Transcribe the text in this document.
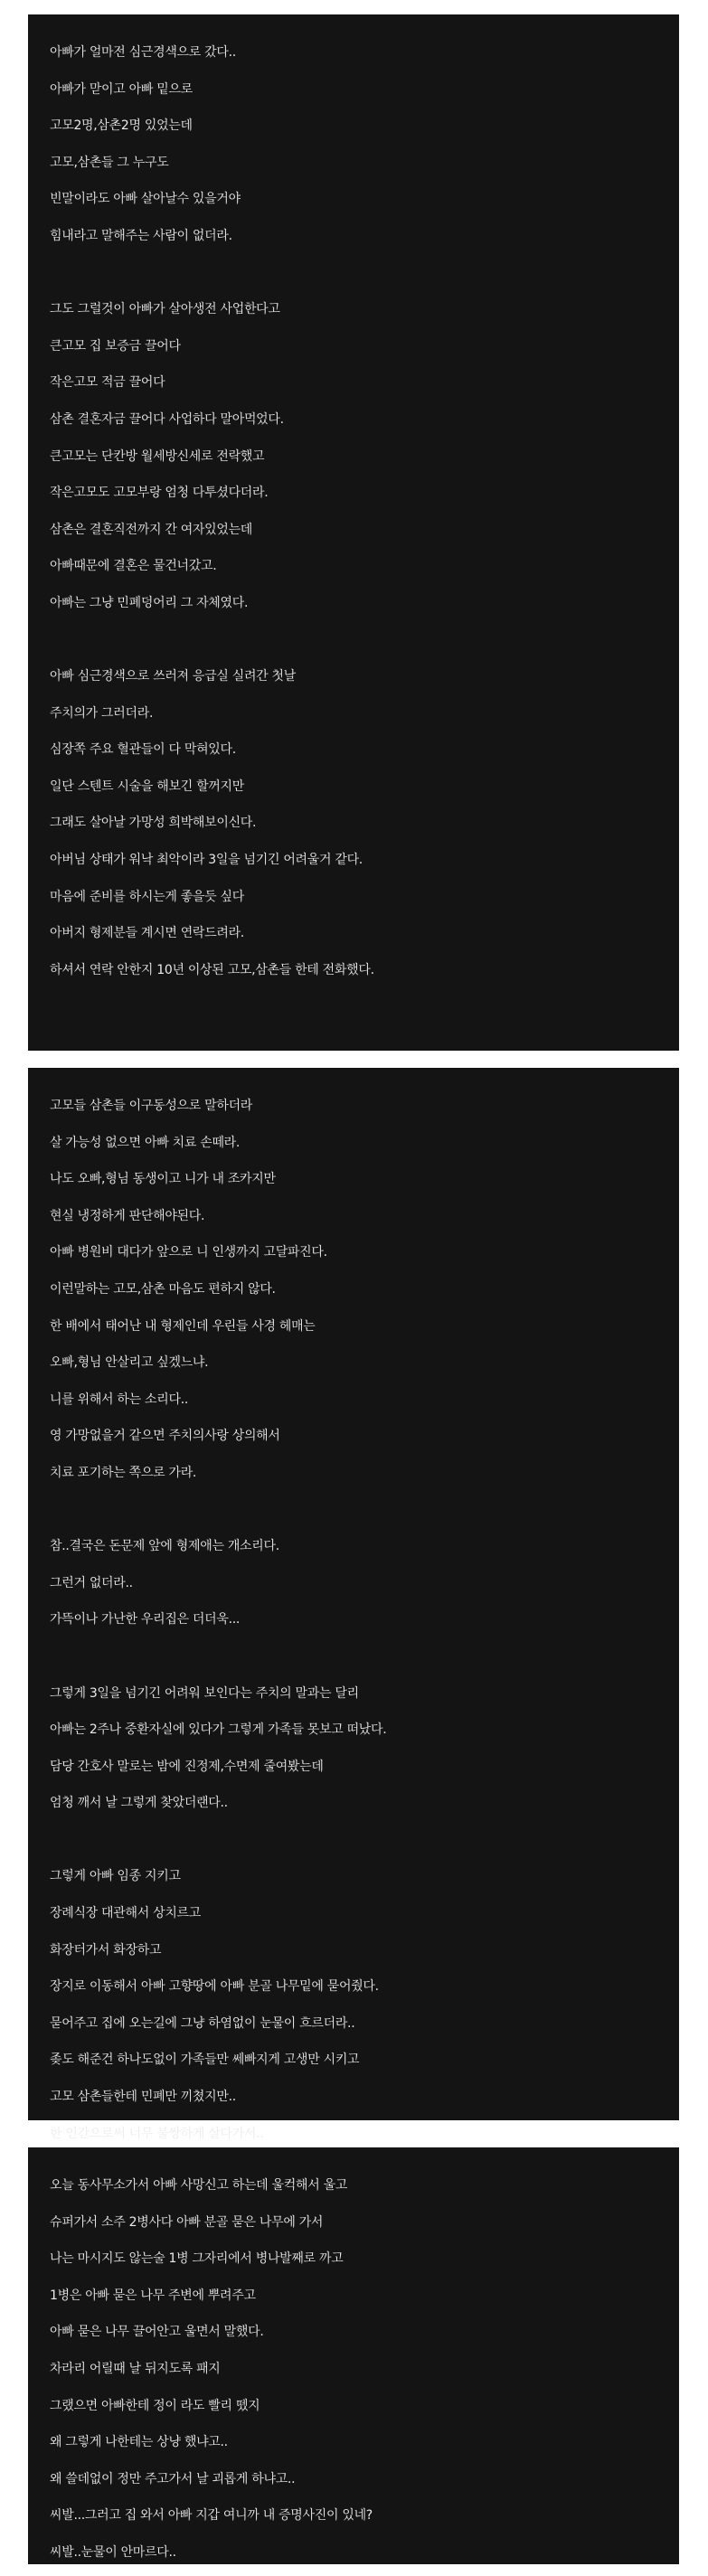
아빠가 얼마전 심근경색으로 갔다..
아빠가 맏이고 아빠 밑으로
고모2명,삼촌2명 있었는데
고모,삼촌들 그 누구도
빈말이라도 아빠 살아날수 있을거야
힘내라고 말해주는 사람이 없더라.

그도 그럴것이 아빠가 살아생전 사업한다고
큰고모 집 보증금 끌어다
작은고모 적금 끌어다
삼촌 결혼자금 끌어다 사업하다 말아먹었다.
큰고모는 단칸방 월세방신세로 전락했고
작은고모도 고모부랑 엄청 다투셨다더라.
삼촌은 결혼직전까지 간 여자있었는데
아빠때문에 결혼은 물건너갔고.
아빠는 그냥 민폐덩어리 그 자체였다.

아빠 심근경색으로 쓰러져 응급실 실려간 첫날
주치의가 그러더라.
심장쪽 주요 혈관들이 다 막혀있다.
일단 스텐트 시술을 해보긴 할꺼지만
그래도 살아날 가망성 희박해보이신다.
아버님 상태가 워낙 최악이라 3일을 넘기긴 어려울거 같다.
마음에 준비를 하시는게 좋을듯 싶다
아버지 형제분들 계시면 연락드려라.
하셔서 연락 안한지 10년 이상된 고모,삼촌들 한테 전화했다.
고모들 삼촌들 이구동성으로 말하더라
살 가능성 없으면 아빠 치료 손떼라.
나도 오빠,형님 동생이고 니가 내 조카지만
현실 냉정하게 판단해야된다.
아빠 병원비 대다가 앞으로 니 인생까지 고달파진다.
이런말하는 고모,삼촌 마음도 편하지 않다.
한 배에서 태어난 내 형제인데 우린들 사경 헤매는
오빠,형님 안살리고 싶겠느냐.
니를 위해서 하는 소리다..
영 가망없을거 같으면 주치의사랑 상의해서
치료 포기하는 쪽으로 가라.

참..결국은 돈문제 앞에 형제애는 개소리다.
그런거 없더라..
가뜩이나 가난한 우리집은 더더욱...

그렇게 3일을 넘기긴 어려워 보인다는 주치의 말과는 달리
아빠는 2주나 중환자실에 있다가 그렇게 가족들 못보고 떠났다.
담당 간호사 말로는 밤에 진정제,수면제 줄여봤는데
엄청 깨서 날 그렇게 찾았더랜다..

그렇게 아빠 임종 지키고
장례식장 대관해서 상치르고
화장터가서 화장하고
장지로 이동해서 아빠 고향땅에 아빠 분골 나무밑에 묻어줬다.
묻어주고 집에 오는길에 그냥 하염없이 눈물이 흐르더라..
좆도 해준건 하나도없이 가족들만 쎄빠지게 고생만 시키고
고모 삼촌들한테 민폐만 끼쳤지만..
한 인간으로써 너무 불쌍하게 살다가서..
오늘 동사무소가서 아빠 사망신고 하는데 울컥해서 울고
슈퍼가서 소주 2병사다 아빠 분골 묻은 나무에 가서
나는 마시지도 않는술 1병 그자리에서 병나발째로 까고
1병은 아빠 묻은 나무 주변에 뿌려주고
아빠 묻은 나무 끌어안고 울면서 말했다.
차라리 어릴때 날 뒤지도록 패지
그랬으면 아빠한테 정이 라도 빨리 뗐지
왜 그렇게 나한테는 상냥 했냐고..
왜 쓸데없이 정만 주고가서 날 괴롭게 하냐고..
씨발...그러고 집 와서 아빠 지갑 여니까 내 증명사진이 있네?
씨발..눈물이 안마르다..
